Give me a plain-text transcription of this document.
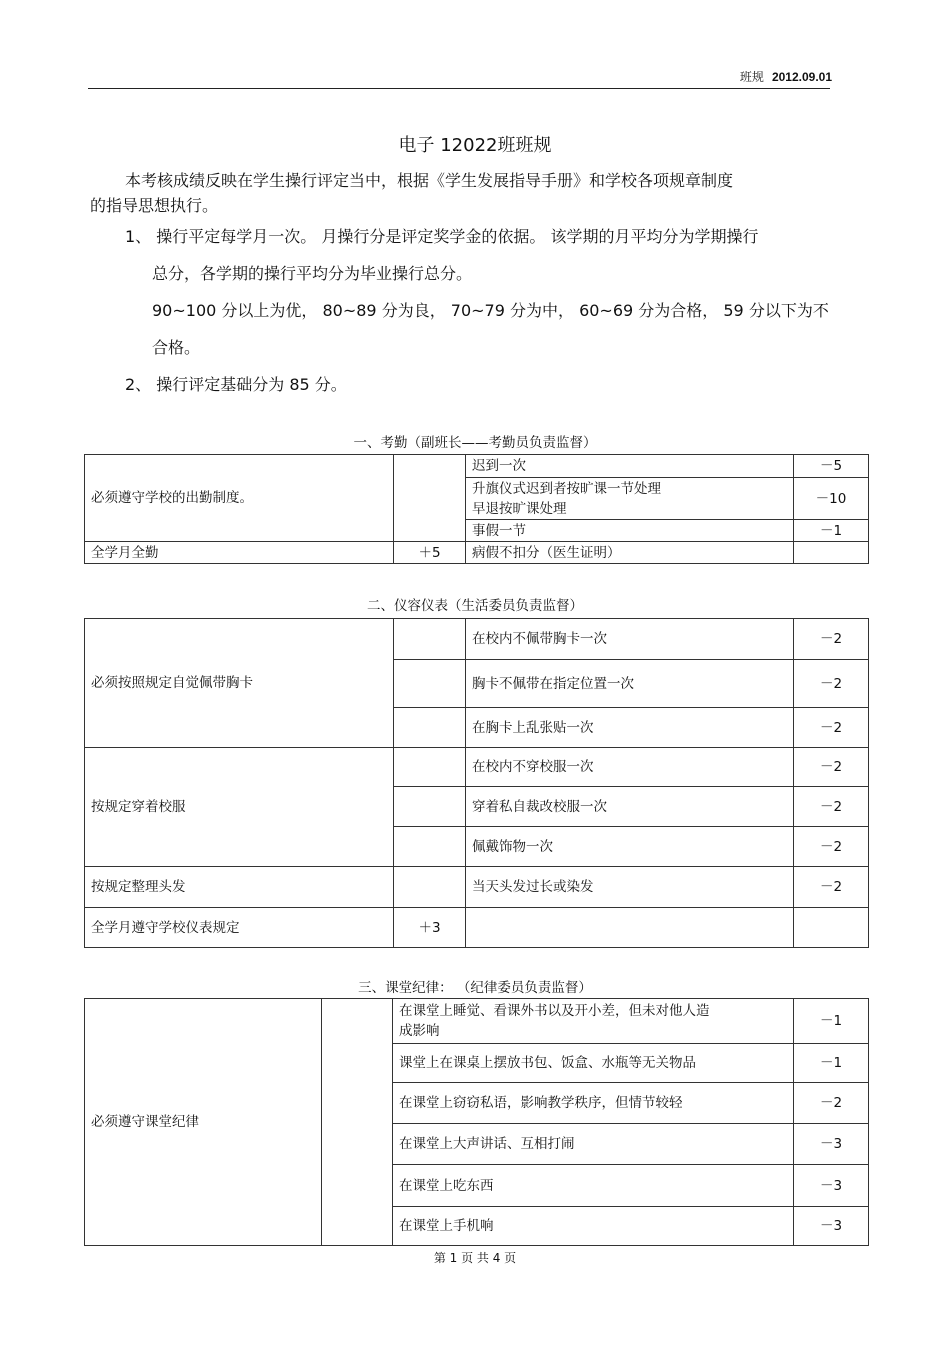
班规 2012.09.01
电子 12022班班规
本考核成绩反映在学生操行评定当中，根据《学生发展指导手册》和学校各项规章制度
的指导思想执行。
1、 操行平定每学月一次。 月操行分是评定奖学金的依据。 该学期的月平均分为学期操行
总分，各学期的操行平均分为毕业操行总分。
90~100 分以上为优， 80~89 分为良， 70~79 分为中， 60~69 分为合格， 59 分以下为不
合格。
2、 操行评定基础分为 85 分。
一、考勤（副班长——考勤员负责监督）
必须遵守学校的出勤制度。		迟到一次	－5

		升旗仪式迟到者按旷课一节处理
早退按旷课处理	－10
		事假一节	－1
全学月全勤	＋5	病假不扣分（医生证明）	
二、仪容仪表（生活委员负责监督）
必须按照规定自觉佩带胸卡		在校内不佩带胸卡一次	－2
		胸卡不佩带在指定位置一次	－2
		在胸卡上乱张贴一次	－2
按规定穿着校服		在校内不穿校服一次	－2
		穿着私自裁改校服一次	－2
		佩戴饰物一次	－2
按规定整理头发		当天头发过长或染发	－2
全学月遵守学校仪表规定	＋3		
三、课堂纪律： （纪律委员负责监督）
必须遵守课堂纪律		在课堂上睡觉、看课外书以及开小差，但未对他人造
成影响	－1
		课堂上在课桌上摆放书包、饭盒、水瓶等无关物品	－1
		在课堂上窃窃私语，影响教学秩序，但情节较轻	－2
		在课堂上大声讲话、互相打闹	－3
		在课堂上吃东西	－3
		在课堂上手机响	－3
第 1 页 共 4 页
